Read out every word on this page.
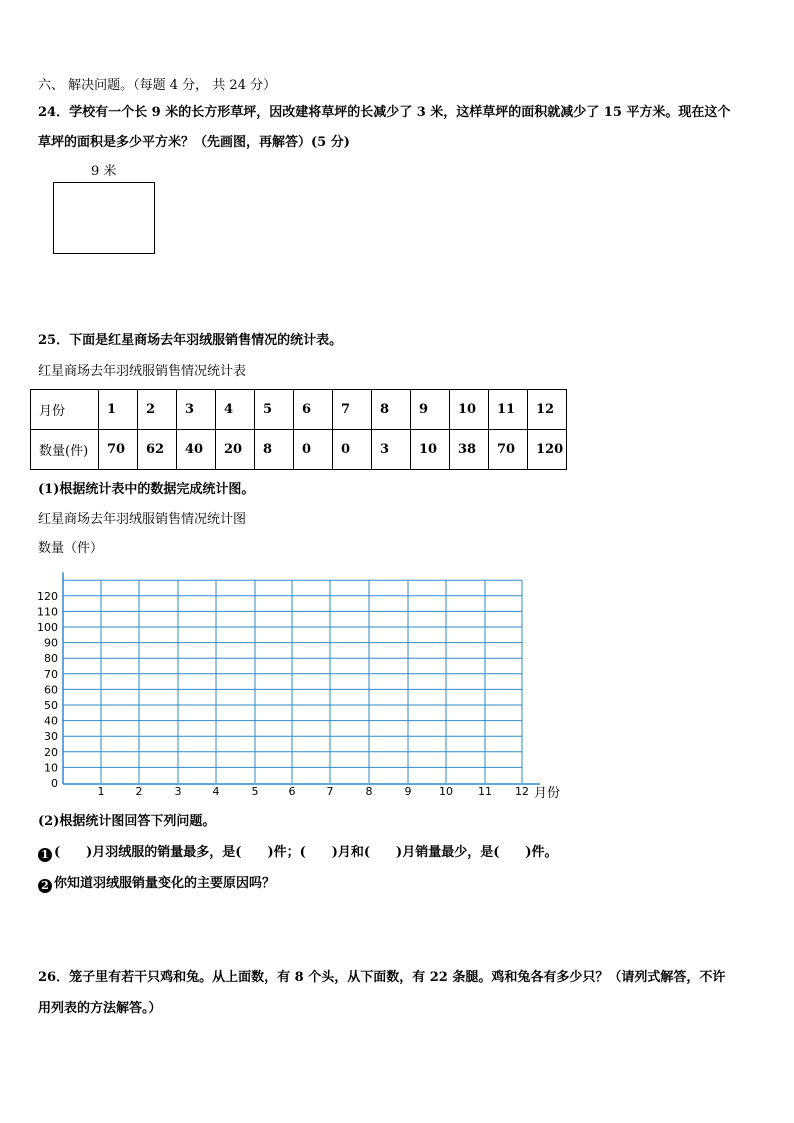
六、 解决问题。（每题 4 分， 共 24 分）
24．学校有一个长 9 米的长方形草坪，因改建将草坪的长减少了 3 米，这样草坪的面积就减少了 15 平方米。现在这个
草坪的面积是多少平方米？（先画图，再解答）(5 分)
9 米
25．下面是红星商场去年羽绒服销售情况的统计表。
红星商场去年羽绒服销售情况统计表
月份	1	2	3	4	5	6	7	8	9	10	11	12
数量(件)	70	62	40	20	8	0	0	3	10	38	70	120
(1)根据统计表中的数据完成统计图。
红星商场去年羽绒服销售情况统计图
0
10
20
30
40
50
60
70
80
90
100
110
120
1	2	3	4	5	6	7	8	9	10 11 12
数量（件）
月份
(2)根据统计图回答下列问题。
1 (　　)月羽绒服的销量最多，是(　　)件；(　　)月和(　　)月销量最少，是(　　)件。
2 你知道羽绒服销量变化的主要原因吗？
26．笼子里有若干只鸡和兔。从上面数，有 8 个头，从下面数，有 22 条腿。鸡和兔各有多少只？（请列式解答，不许
用列表的方法解答。）
